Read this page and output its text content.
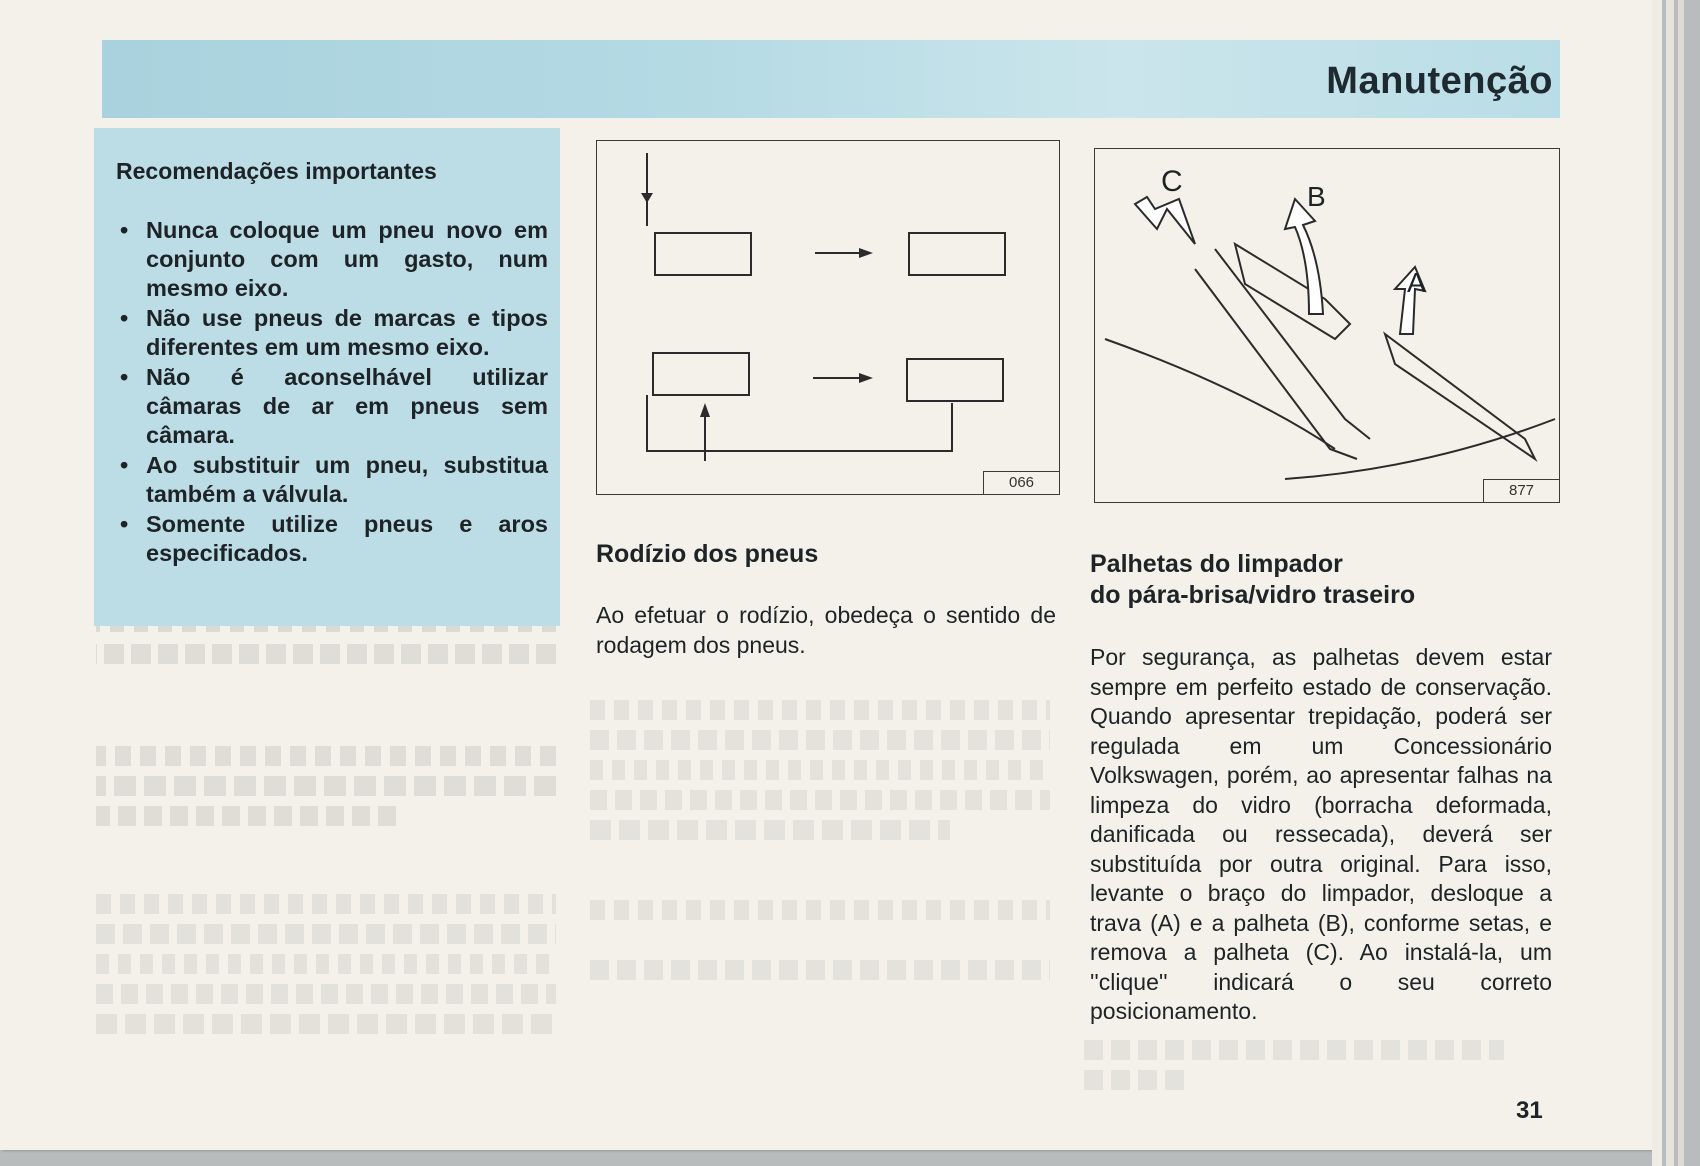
Manutenção
Recomendações importantes
• Nunca coloque um pneu novo em conjunto com um gasto, num mesmo eixo.
• Não use pneus de marcas e tipos diferentes em um mesmo eixo.
• Não é aconselhável utilizar câmaras de ar em pneus sem câmara.
• Ao substituir um pneu, substitua também a válvula.
• Somente utilize pneus e aros especificados.
066
Rodízio dos pneus
Ao efetuar o rodízio, obedeça o sentido de rodagem dos pneus.
C	B
A
877
Palhetas do limpador
do pára-brisa/vidro traseiro
Por segurança, as palhetas devem estar sempre em perfeito estado de conservação. Quando apresentar trepidação, poderá ser regulada em um Concessionário Volkswagen, porém, ao apresentar falhas na limpeza do vidro (borracha deformada, danificada ou ressecada), deverá ser substituída por outra original. Para isso, levante o braço do limpador, desloque a trava (A) e a palheta (B), conforme setas, e remova a palheta (C). Ao instalá-la, um ''clique'' indicará o seu correto posicionamento.
31
